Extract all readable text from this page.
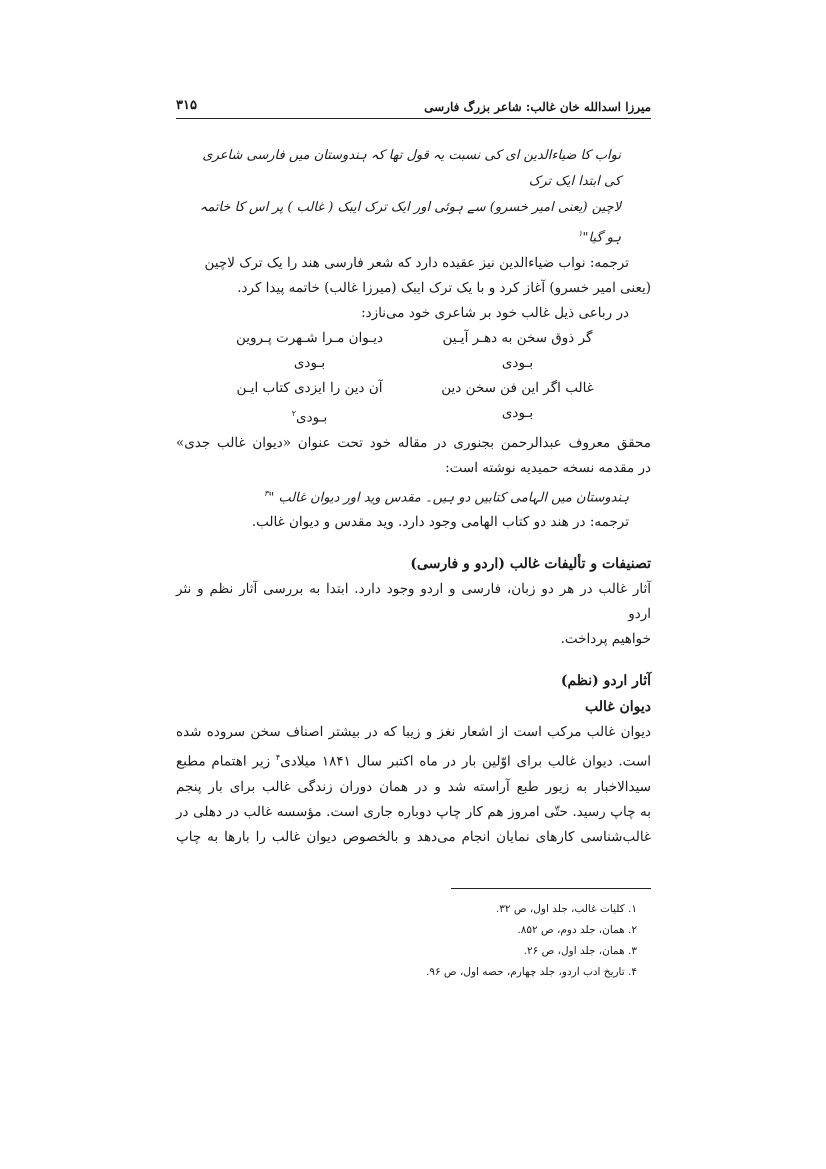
میرزا اسدالله خان غالب: شاعر بزرگ فارسی
۳۱۵
نواب کا ضیاءالدین ای کی نسبت یہ قول تھا کہ ہندوستان میں فارسی شاعری کی ابتدا ایک ترک
لاچین (یعنی امیر خسرو) سے ہوئی اور ایک ترک ایبک ( غالب ) پر اس کا خاتمہ ہو گیا"$^۱$

ترجمه: نواب ضیاءالدین نیز عقیده دارد که شعر فارسی هند را یک ترک لاچین

(یعنی امیر خسرو) آغاز کرد و با یک ترک ایبک (میرزا غالب) خاتمه پیدا کرد.

در رباعی ذیل غالب خود بر شاعری خود می‌نازد:

گر ذوق سخن به دهـر آیـین بـودی
دیـوان مـرا شـهرت پـروین بـودی
غالب اگر این فن سخن دین بـودی
آن دین را ایزدی کتاب ایـن بـودی$^۲$

محقق معروف عبدالرحمن بجنوری در مقاله خود تحت عنوان «دیوان غالب جدی»

در مقدمه نسخه حمیدیه نوشته است:

ہندوستان میں الہامی کتابیں دو ہیں۔ مقدس وید اور دیوان غالب "$^۳$

ترجمه: در هند دو کتاب الهامی وجود دارد. وید مقدس و دیوان غالب.

تصنیفات و تألیفات غالب (اردو و فارسی)

آثار غالب در هر دو زبان، فارسی و اردو وجود دارد. ابتدا به بررسی آثار نظم و نثر اردو

خواهیم پرداخت.

آثار اردو (نظم)
دیوان غالب

دیوان غالب مرکب است از اشعار نغز و زیبا که در بیشتر اصناف سخن سروده شده

است. دیوان غالب برای اوّلین بار در ماه اکتبر سال ۱۸۴۱ میلادی$^۴$ زیر اهتمام مطبع

سیدالاخبار به زیور طبع آراسته شد و در همان دوران زندگی غالب برای بار پنجم

به چاپ رسید. حتّی امروز هم کار چاپ دوباره جاری است. مؤسسه غالب در دهلی در

غالب‌شناسی کارهای نمایان انجام می‌دهد و بالخصوص دیوان غالب را بارها به چاپ

۱. کلیات غالب، جلد اول، ص ۳۲.
۲. همان، جلد دوم، ص ۸۵۲.
۳. همان، جلد اول، ص ۲۶.
۴. تاریخ ادب اردو، جلد چهارم، حصه اول، ص ۹۶.
